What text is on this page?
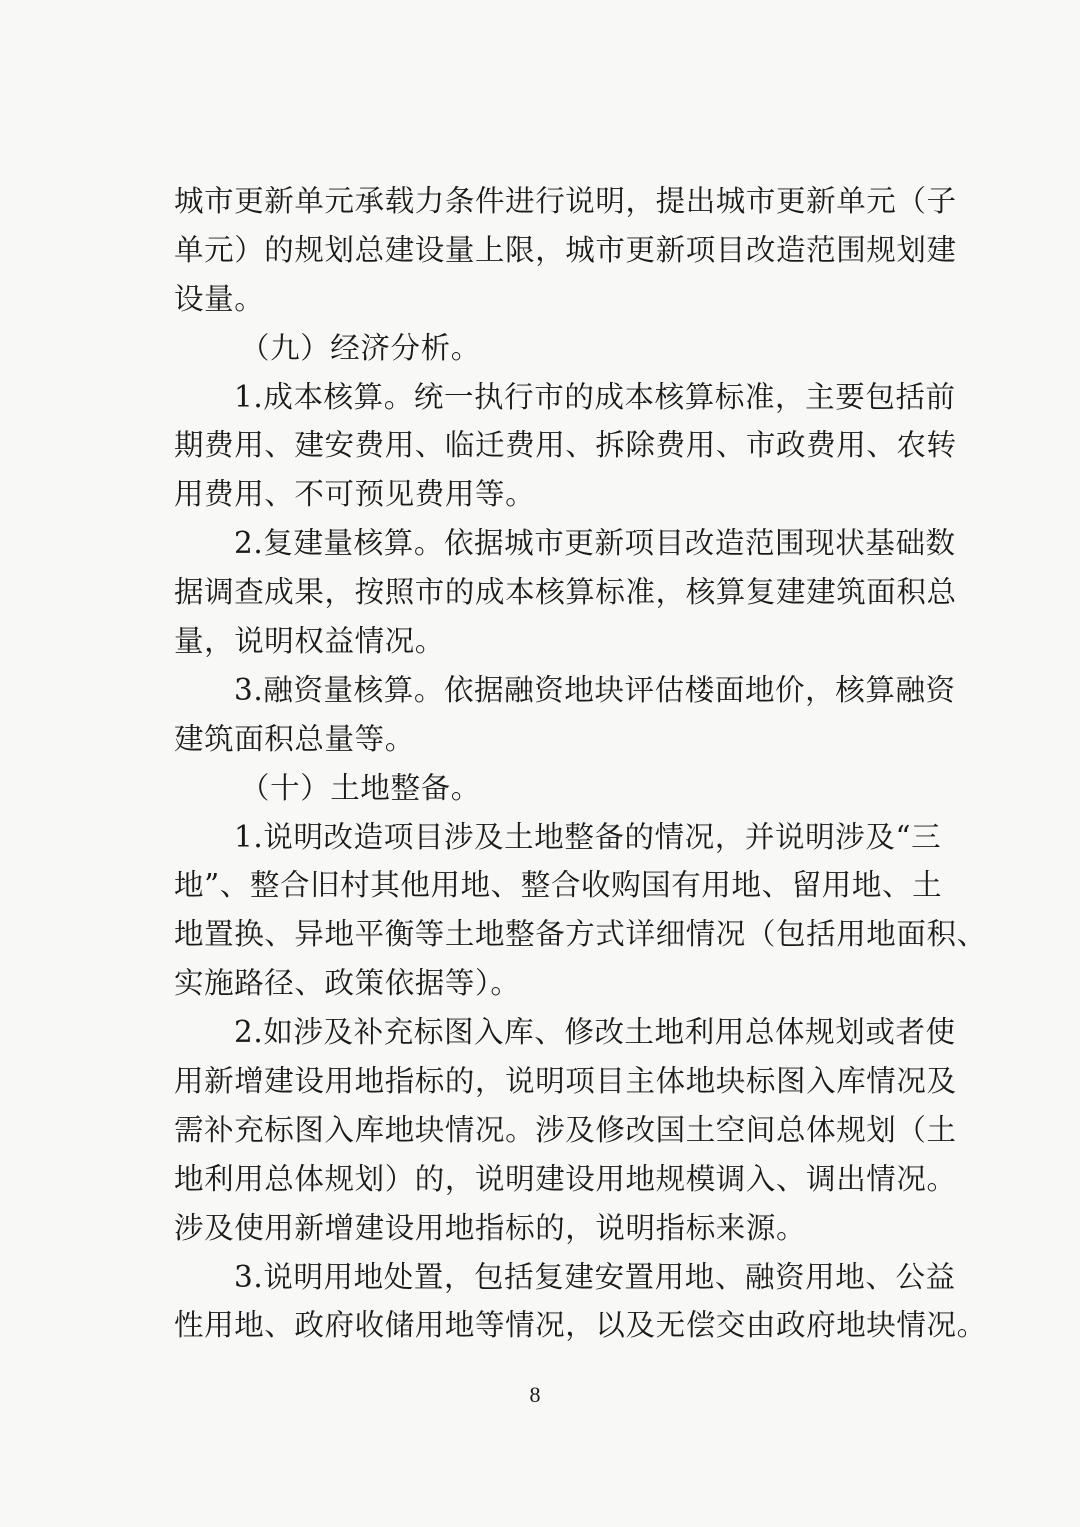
城市更新单元承载力条件进行说明，提出城市更新单元（子
单元）的规划总建设量上限，城市更新项目改造范围规划建
设量。
（九）经济分析。
1.成本核算。统一执行市的成本核算标准，主要包括前
期费用、建安费用、临迁费用、拆除费用、市政费用、农转
用费用、不可预见费用等。
2.复建量核算。依据城市更新项目改造范围现状基础数
据调查成果，按照市的成本核算标准，核算复建建筑面积总
量，说明权益情况。
3.融资量核算。依据融资地块评估楼面地价，核算融资
建筑面积总量等。
（十）土地整备。
1.说明改造项目涉及土地整备的情况，并说明涉及“三
地”、整合旧村其他用地、整合收购国有用地、留用地、土
地置换、异地平衡等土地整备方式详细情况（包括用地面积、
实施路径、政策依据等）。
2.如涉及补充标图入库、修改土地利用总体规划或者使
用新增建设用地指标的，说明项目主体地块标图入库情况及
需补充标图入库地块情况。涉及修改国土空间总体规划（土
地利用总体规划）的，说明建设用地规模调入、调出情况。
涉及使用新增建设用地指标的，说明指标来源。
3.说明用地处置，包括复建安置用地、融资用地、公益
性用地、政府收储用地等情况，以及无偿交由政府地块情况。
8
